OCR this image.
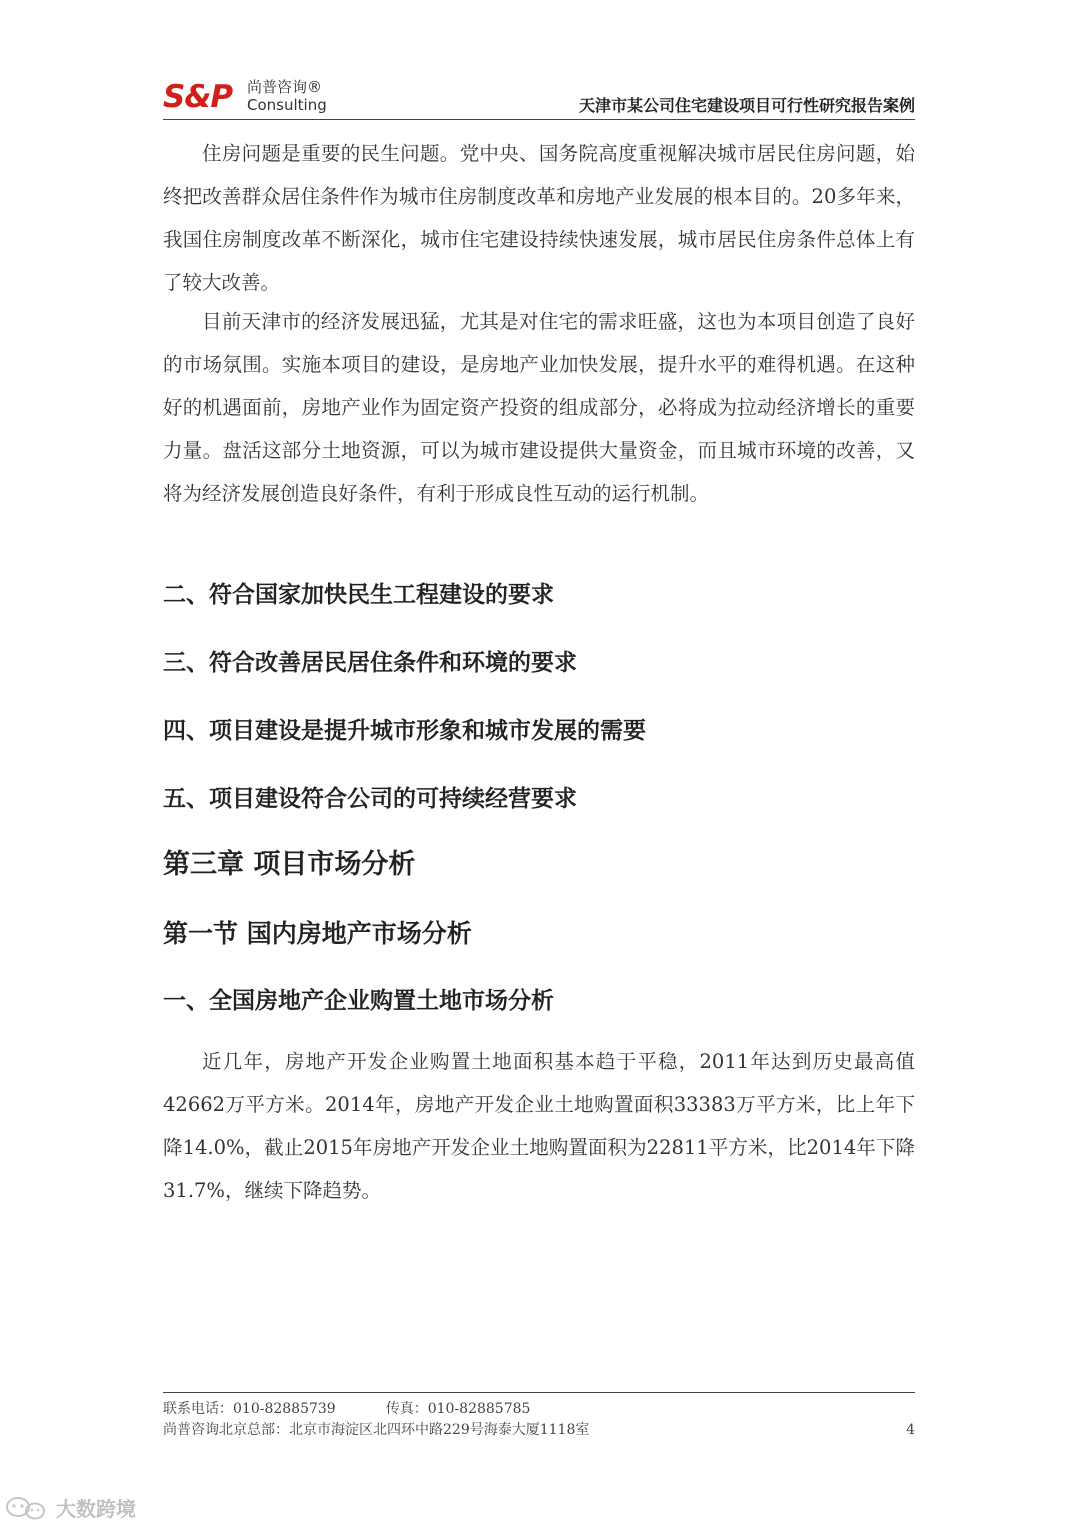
S&P 尚普咨询®
Consulting	天津市某公司住宅建设项目可行性研究报告案例

住房问题是重要的民生问题。党中央、国务院高度重视解决城市居民住房问题，始终把改善群众居住条件作为城市住房制度改革和房地产业发展的根本目的。20多年来，我国住房制度改革不断深化，城市住宅建设持续快速发展，城市居民住房条件总体上有了较大改善。

目前天津市的经济发展迅猛，尤其是对住宅的需求旺盛，这也为本项目创造了良好的市场氛围。实施本项目的建设，是房地产业加快发展，提升水平的难得机遇。在这种好的机遇面前，房地产业作为固定资产投资的组成部分，必将成为拉动经济增长的重要力量。盘活这部分土地资源，可以为城市建设提供大量资金，而且城市环境的改善，又将为经济发展创造良好条件，有利于形成良性互动的运行机制。

二、符合国家加快民生工程建设的要求
三、符合改善居民居住条件和环境的要求
四、项目建设是提升城市形象和城市发展的需要
五、项目建设符合公司的可持续经营要求
第三章 项目市场分析
第一节 国内房地产市场分析
一、全国房地产企业购置土地市场分析

近几年，房地产开发企业购置土地面积基本趋于平稳，2011年达到历史最高值42662万平方米。2014年，房地产开发企业土地购置面积33383万平方米，比上年下降14.0%，截止2015年房地产开发企业土地购置面积为22811平方米，比2014年下降31.7%，继续下降趋势。

联系电话：010-82885739	传真：010-82885785
尚普咨询北京总部：北京市海淀区北四环中路229号海泰大厦1118室	4
大数跨境
